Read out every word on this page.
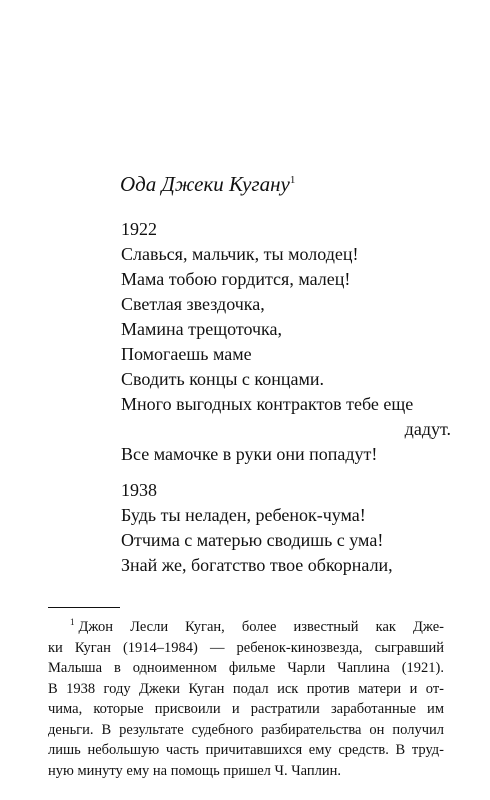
Ода Джеки Кугану$^1$
1922
Славься, мальчик, ты молодец!
Мама тобою гордится, малец!
Светлая звездочка,
Мамина трещоточка,
Помогаешь маме
Сводить концы с концами.
Много выгодных контрактов тебе еще
дадут.
Все мамочке в руки они попадут!
1938
Будь ты неладен, ребенок-чума!
Отчима с матерью сводишь с ума!
Знай же, богатство твое обкорнали,
$^1$ Джон Лесли Куган, более известный как Дже-
ки Куган (1914–1984) — ребенок-кинозвезда, сыгравший
Малыша в одноименном фильме Чарли Чаплина (1921).
В 1938 году Джеки Куган подал иск против матери и от-
чима, которые присвоили и растратили заработанные им
деньги. В результате судебного разбирательства он получил
лишь небольшую часть причитавшихся ему средств. В труд-
ную минуту ему на помощь пришел Ч. Чаплин.
